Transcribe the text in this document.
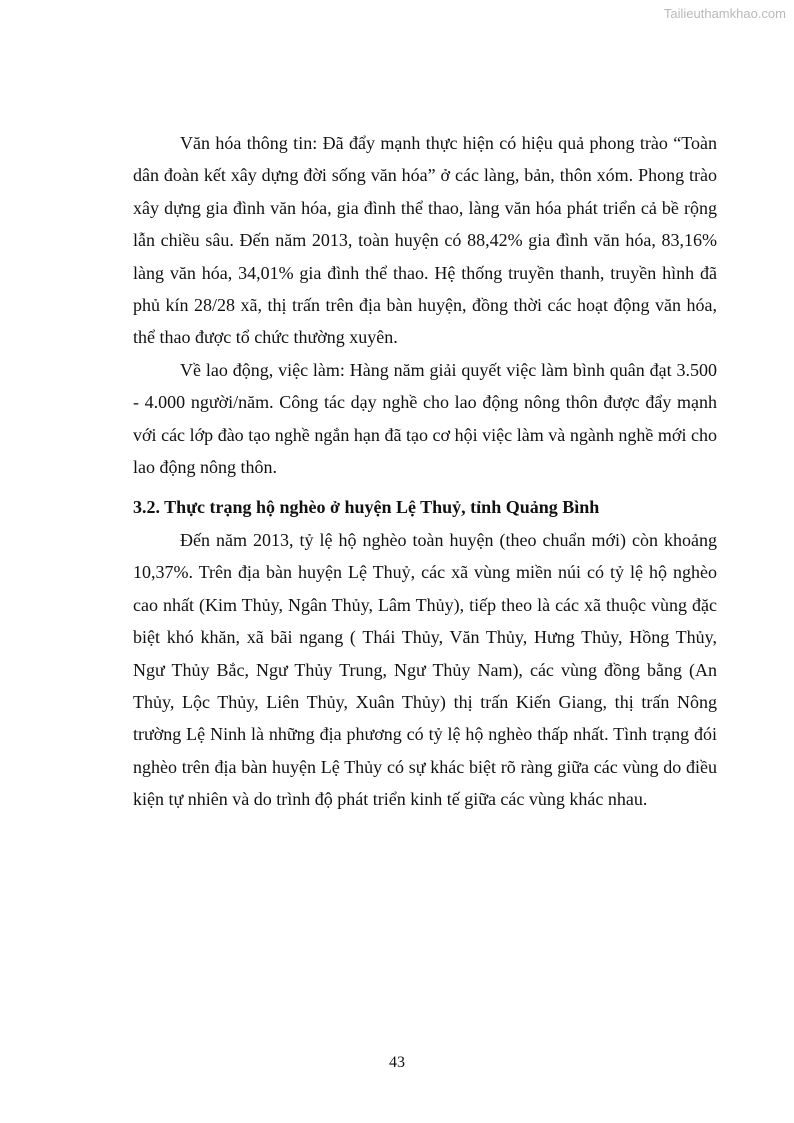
Tailieuthamkhao.com

Văn hóa thông tin: Đã đẩy mạnh thực hiện có hiệu quả phong trào “Toàn dân đoàn kết xây dựng đời sống văn hóa” ở các làng, bản, thôn xóm. Phong trào xây dựng gia đình văn hóa, gia đình thể thao, làng văn hóa phát triển cả bề rộng lẫn chiều sâu. Đến năm 2013, toàn huyện có 88,42% gia đình văn hóa, 83,16% làng văn hóa, 34,01% gia đình thể thao. Hệ thống truyền thanh, truyền hình đã phủ kín 28/28 xã, thị trấn trên địa bàn huyện, đồng thời các hoạt động văn hóa, thể thao được tổ chức thường xuyên.

Về lao động, việc làm: Hàng năm giải quyết việc làm bình quân đạt 3.500 - 4.000 người/năm. Công tác dạy nghề cho lao động nông thôn được đẩy mạnh với các lớp đào tạo nghề ngắn hạn đã tạo cơ hội việc làm và ngành nghề mới cho lao động nông thôn.

3.2. Thực trạng hộ nghèo ở huyện Lệ Thuỷ, tỉnh Quảng Bình

Đến năm 2013, tỷ lệ hộ nghèo toàn huyện (theo chuẩn mới) còn khoảng 10,37%. Trên địa bàn huyện Lệ Thuỷ, các xã vùng miền núi có tỷ lệ hộ nghèo cao nhất (Kim Thủy, Ngân Thủy, Lâm Thủy), tiếp theo là các xã thuộc vùng đặc biệt khó khăn, xã bãi ngang ( Thái Thủy, Văn Thủy, Hưng Thủy, Hồng Thủy, Ngư Thủy Bắc, Ngư Thủy Trung, Ngư Thủy Nam), các vùng đồng bằng (An Thủy, Lộc Thủy, Liên Thủy, Xuân Thủy) thị trấn Kiến Giang, thị trấn Nông trường Lệ Ninh là những địa phương có tỷ lệ hộ nghèo thấp nhất. Tình trạng đói nghèo trên địa bàn huyện Lệ Thủy có sự khác biệt rõ ràng giữa các vùng do điều kiện tự nhiên và do trình độ phát triển kinh tế giữa các vùng khác nhau.

43
